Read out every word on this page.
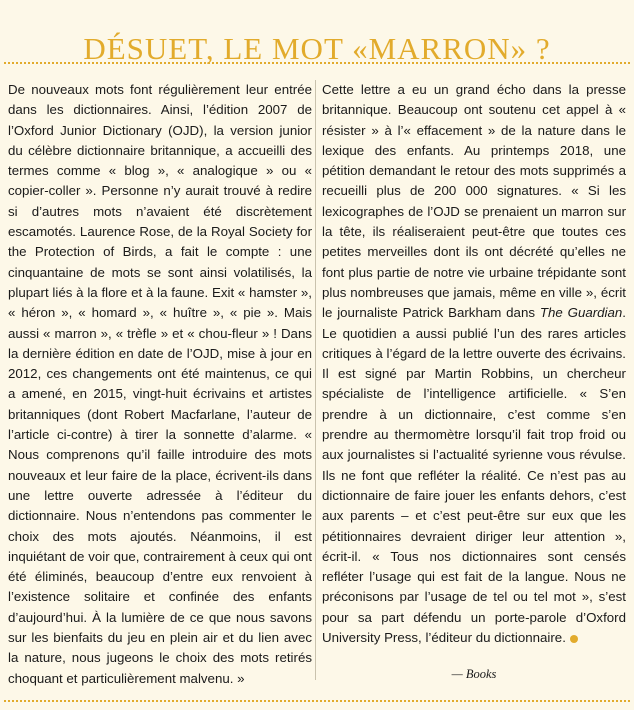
DÉSUET, LE MOT «MARRON» ?

De nouveaux mots font régulièrement leur entrée dans les dictionnaires. Ainsi, l’édition 2007 de l’Oxford Junior Dictionary (OJD), la version junior du célèbre dictionnaire britannique, a accueilli des termes comme « blog », « analogique » ou « copier-coller ». Personne n’y aurait trouvé à redire si d’autres mots n’avaient été discrètement escamotés. Laurence Rose, de la Royal Society for the Protection of Birds, a fait le compte : une cinquantaine de mots se sont ainsi volatilisés, la plupart liés à la flore et à la faune. Exit « hamster », « héron », « homard », « huître », « pie ». Mais aussi « marron », « trèfle » et « chou-fleur » ! Dans la dernière édition en date de l’OJD, mise à jour en 2012, ces changements ont été maintenus, ce qui a amené, en 2015, vingt-huit écrivains et artistes britanniques (dont Robert Macfarlane, l’auteur de l’article ci-contre) à tirer la sonnette d’alarme. « Nous comprenons qu’il faille introduire des mots nouveaux et leur faire de la place, écrivent-ils dans une lettre ouverte adressée à l’éditeur du dictionnaire. Nous n’entendons pas commenter le choix des mots ajoutés. Néanmoins, il est inquiétant de voir que, contrairement à ceux qui ont été éliminés, beaucoup d’entre eux renvoient à l’existence solitaire et confinée des enfants d’aujourd’hui. À la lumière de ce que nous savons sur les bienfaits du jeu en plein air et du lien avec la nature, nous jugeons le choix des mots retirés choquant et particulièrement malvenu. »

Cette lettre a eu un grand écho dans la presse britannique. Beaucoup ont soutenu cet appel à « résister » à l’« effacement » de la nature dans le lexique des enfants. Au printemps 2018, une pétition demandant le retour des mots supprimés a recueilli plus de 200 000 signatures. « Si les lexicographes de l’OJD se prenaient un marron sur la tête, ils réaliseraient peut-être que toutes ces petites merveilles dont ils ont décrété qu’elles ne font plus partie de notre vie urbaine trépidante sont plus nombreuses que jamais, même en ville », écrit le journaliste Patrick Barkham dans The Guardian. Le quotidien a aussi publié l’un des rares articles critiques à l’égard de la lettre ouverte des écrivains. Il est signé par Martin Robbins, un chercheur spécialiste de l’intelligence artificielle. « S’en prendre à un dictionnaire, c’est comme s’en prendre au thermomètre lorsqu’il fait trop froid ou aux journalistes si l’actualité syrienne vous révulse. Ils ne font que refléter la réalité. Ce n’est pas au dictionnaire de faire jouer les enfants dehors, c’est aux parents – et c’est peut-être sur eux que les pétitionnaires devraient diriger leur attention », écrit-il. « Tous nos dictionnaires sont censés refléter l’usage qui est fait de la langue. Nous ne préconisons par l’usage de tel ou tel mot », s’est pour sa part défendu un porte-parole d’Oxford University Press, l’éditeur du dictionnaire.

— Books
